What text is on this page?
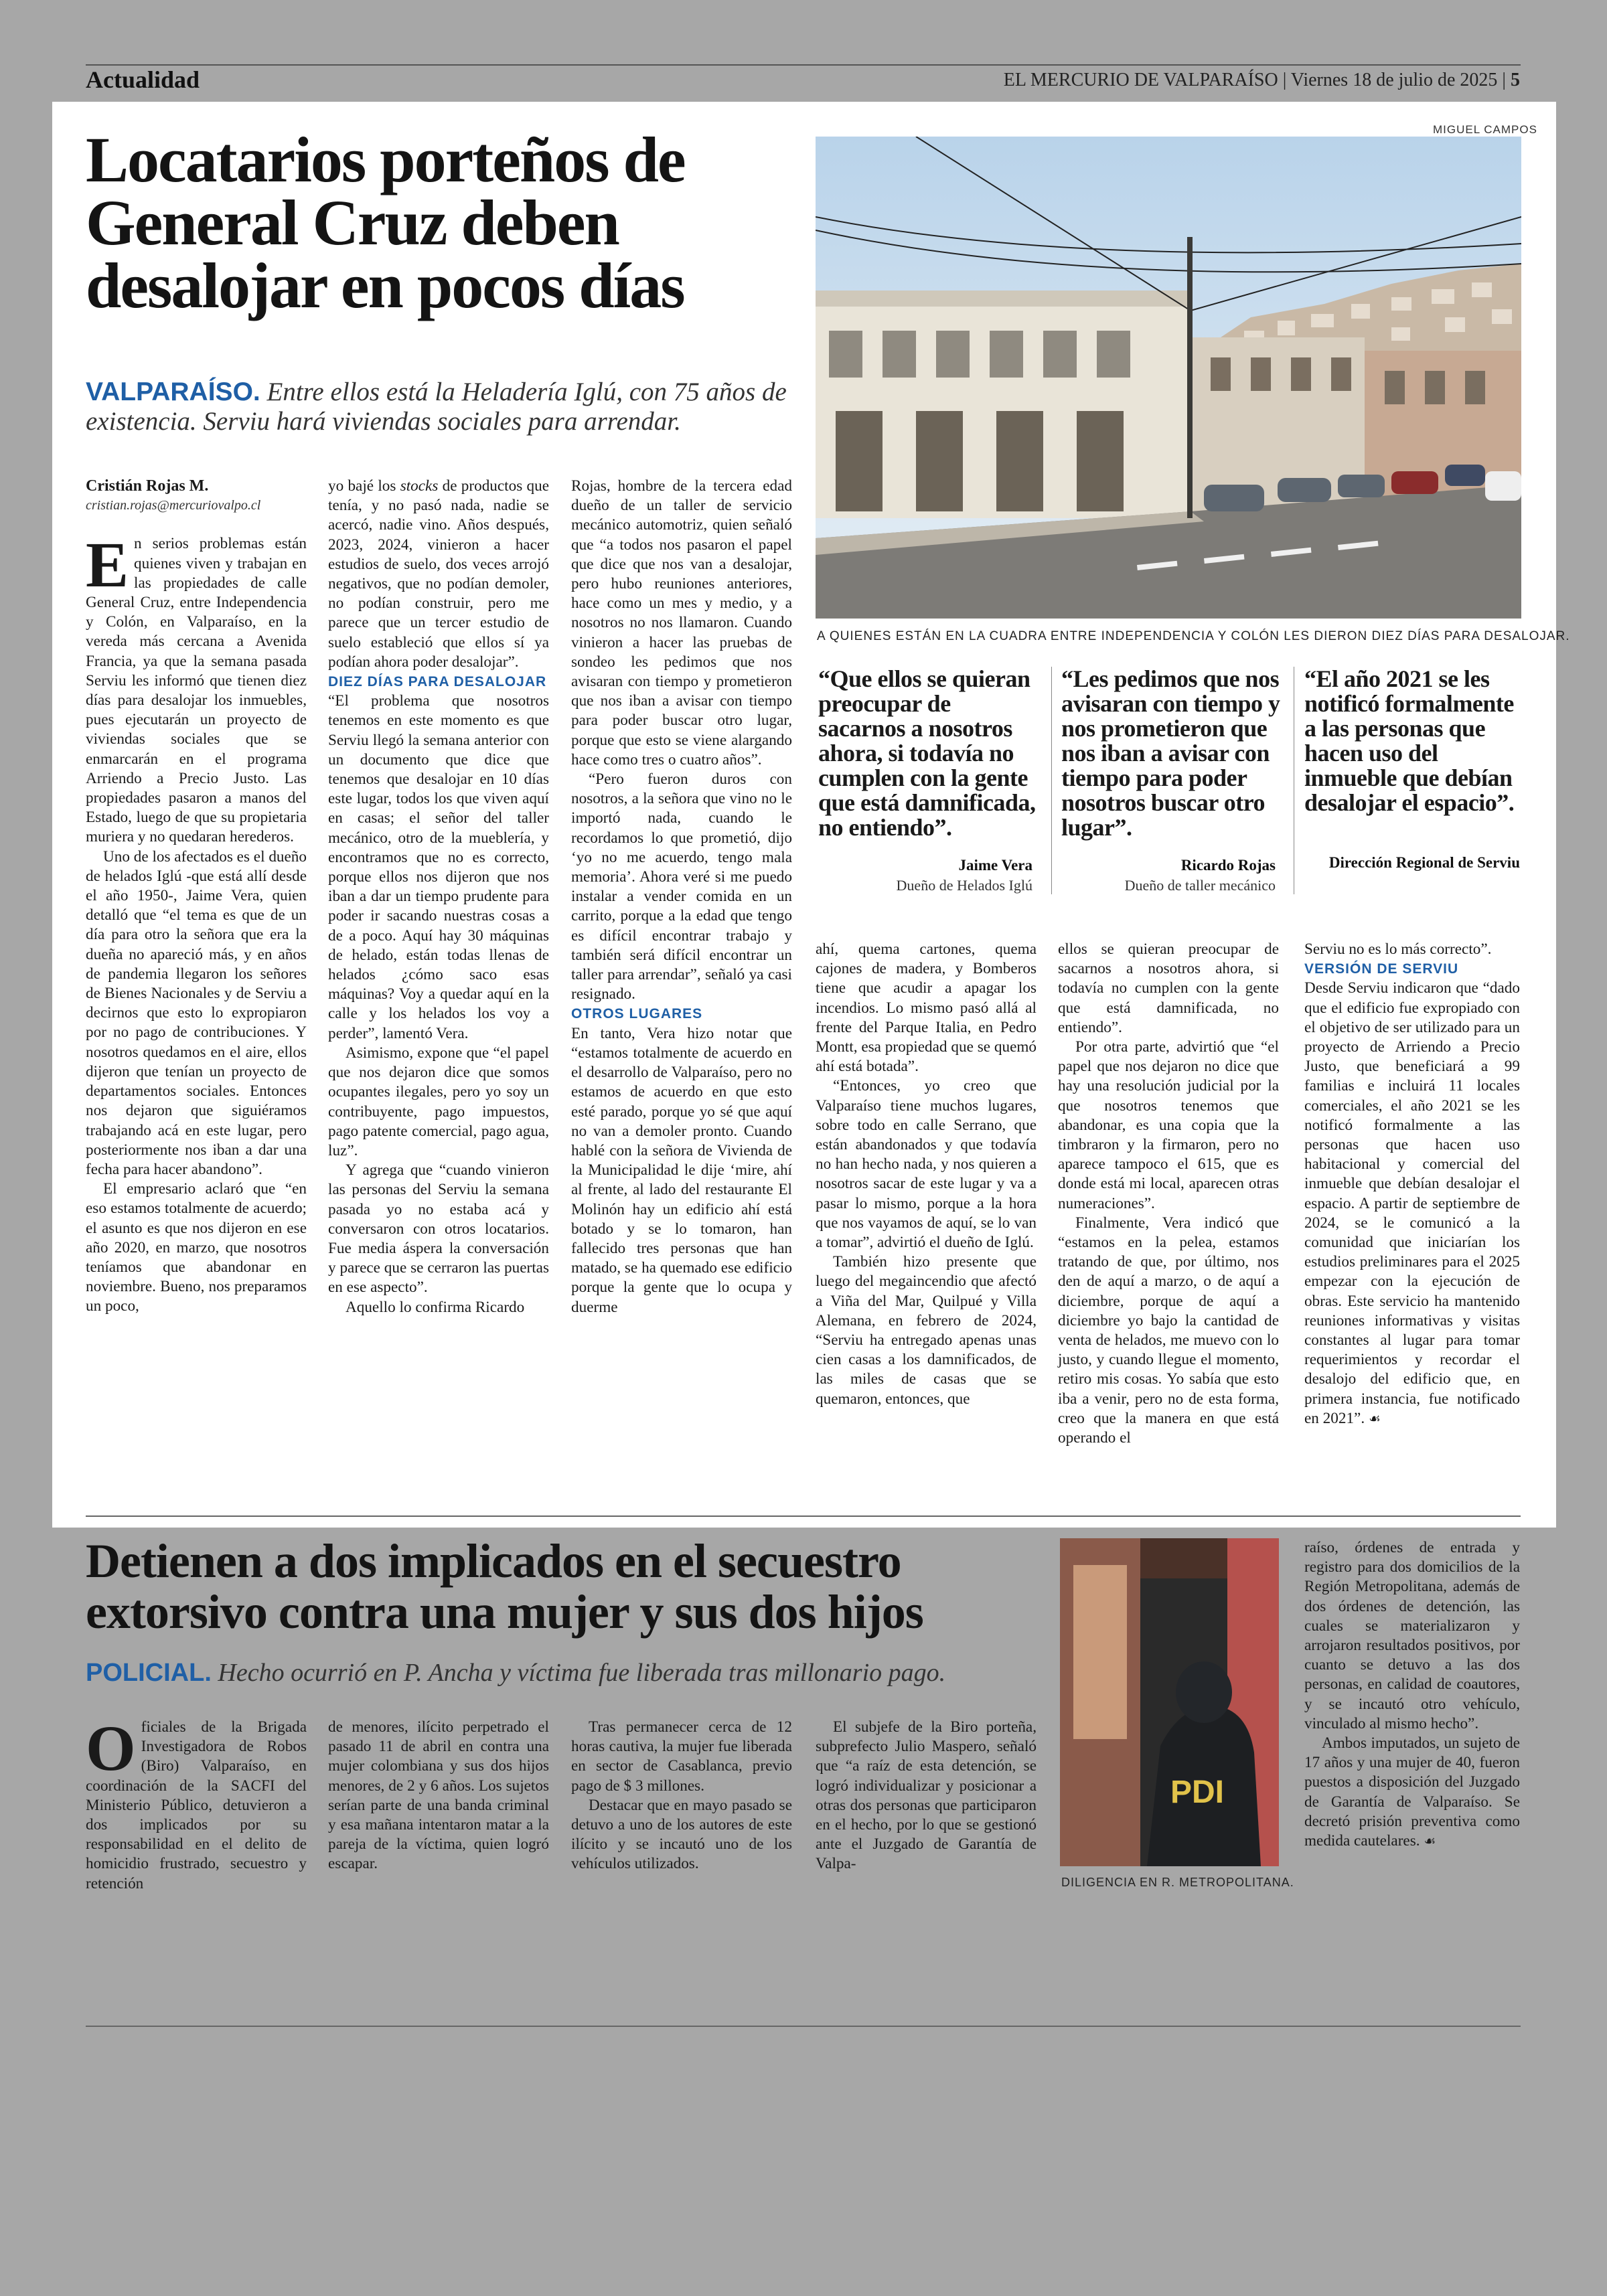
Actualidad	EL MERCURIO DE VALPARAÍSO | Viernes 18 de julio de 2025 | 5
Locatarios porteños de General Cruz deben desalojar en pocos días
VALPARAÍSO. Entre ellos está la Heladería Iglú, con 75 años de existencia. Serviu hará viviendas sociales para arrendar.
MIGUEL CAMPOS
A QUIENES ESTÁN EN LA CUADRA ENTRE INDEPENDENCIA Y COLÓN LES DIERON DIEZ DÍAS PARA DESALOJAR.

Cristián Rojas M.

cristian.rojas@mercuriovalpo.cl

En serios problemas están quienes viven y trabajan en las propiedades de calle General Cruz, entre Independencia y Colón, en Valparaíso, en la vereda más cercana a Avenida Francia, ya que la semana pasada Serviu les informó que tienen diez días para desalojar los inmuebles, pues ejecutarán un proyecto de viviendas sociales que se enmarcarán en el programa Arriendo a Precio Justo. Las propiedades pasaron a manos del Estado, luego de que su propietaria muriera y no quedaran herederos.

Uno de los afectados es el dueño de helados Iglú -que está allí desde el año 1950-, Jaime Vera, quien detalló que “el tema es que de un día para otro la señora que era la dueña no apareció más, y en años de pandemia llegaron los señores de Bienes Nacionales y de Serviu a decirnos que esto lo expropiaron por no pago de contribuciones. Y nosotros quedamos en el aire, ellos dijeron que tenían un proyecto de departamentos sociales. Entonces nos dejaron que siguiéramos trabajando acá en este lugar, pero posteriormente nos iban a dar una fecha para hacer abandono”.

El empresario aclaró que “en eso estamos totalmente de acuerdo; el asunto es que nos dijeron en ese año 2020, en marzo, que nosotros teníamos que abandonar en noviembre. Bueno, nos preparamos un poco,

yo bajé los stocks de productos que tenía, y no pasó nada, nadie se acercó, nadie vino. Años después, 2023, 2024, vinieron a hacer estudios de suelo, dos veces arrojó negativos, que no podían demoler, no podían construir, pero me parece que un tercer estudio de suelo estableció que ellos sí ya podían ahora poder desalojar”.

DIEZ DÍAS PARA DESALOJAR

“El problema que nosotros tenemos en este momento es que Serviu llegó la semana anterior con un documento que dice que tenemos que desalojar en 10 días este lugar, todos los que viven aquí en casas; el señor del taller mecánico, otro de la mueblería, y encontramos que no es correcto, porque ellos nos dijeron que nos iban a dar un tiempo prudente para poder ir sacando nuestras cosas a de a poco. Aquí hay 30 máquinas de helado, están todas llenas de helados ¿cómo saco esas máquinas? Voy a quedar aquí en la calle y los helados los voy a perder”, lamentó Vera.

Asimismo, expone que “el papel que nos dejaron dice que somos ocupantes ilegales, pero yo soy un contribuyente, pago impuestos, pago patente comercial, pago agua, luz”.

Y agrega que “cuando vinieron las personas del Serviu la semana pasada yo no estaba acá y conversaron con otros locatarios. Fue media áspera la conversación y parece que se cerraron las puertas en ese aspecto”.

Aquello lo confirma Ricardo

Rojas, hombre de la tercera edad dueño de un taller de servicio mecánico automotriz, quien señaló que “a todos nos pasaron el papel que dice que nos van a desalojar, pero hubo reuniones anteriores, hace como un mes y medio, y a nosotros no nos llamaron. Cuando vinieron a hacer las pruebas de sondeo les pedimos que nos avisaran con tiempo y prometieron que nos iban a avisar con tiempo para poder buscar otro lugar, porque que esto se viene alargando hace como tres o cuatro años”.

“Pero fueron duros con nosotros, a la señora que vino no le importó nada, cuando le recordamos lo que prometió, dijo ‘yo no me acuerdo, tengo mala memoria’. Ahora veré si me puedo instalar a vender comida en un carrito, porque a la edad que tengo es difícil encontrar trabajo y también será difícil encontrar un taller para arrendar”, señaló ya casi resignado.

OTROS LUGARES

En tanto, Vera hizo notar que “estamos totalmente de acuerdo en el desarrollo de Valparaíso, pero no estamos de acuerdo en que esto esté parado, porque yo sé que aquí no van a demoler pronto. Cuando hablé con la señora de Vivienda de la Municipalidad le dije ‘mire, ahí al frente, al lado del restaurante El Molinón hay un edificio ahí está botado y se lo tomaron, han fallecido tres personas que han matado, se ha quemado ese edificio porque la gente que lo ocupa y duerme

“Que ellos se quieran preocupar de sacarnos a nosotros ahora, si todavía no cumplen con la gente que está damnificada, no entiendo”.
Jaime Vera
Dueño de Helados Iglú
“Les pedimos que nos avisaran con tiempo y nos prometieron que nos iban a avisar con tiempo para poder nosotros buscar otro lugar”.
Ricardo Rojas
Dueño de taller mecánico
“El año 2021 se les notificó formalmente a las personas que hacen uso del inmueble que debían desalojar el espacio”.
Dirección Regional de Serviu

ahí, quema cartones, quema cajones de madera, y Bomberos tiene que acudir a apagar los incendios. Lo mismo pasó allá al frente del Parque Italia, en Pedro Montt, esa propiedad que se quemó ahí está botada”.

“Entonces, yo creo que Valparaíso tiene muchos lugares, sobre todo en calle Serrano, que están abandonados y que todavía no han hecho nada, y nos quieren a nosotros sacar de este lugar y va a pasar lo mismo, porque a la hora que nos vayamos de aquí, se lo van a tomar”, advirtió el dueño de Iglú.

También hizo presente que luego del megaincendio que afectó a Viña del Mar, Quilpué y Villa Alemana, en febrero de 2024, “Serviu ha entregado apenas unas cien casas a los damnificados, de las miles de casas que se quemaron, entonces, que

ellos se quieran preocupar de sacarnos a nosotros ahora, si todavía no cumplen con la gente que está damnificada, no entiendo”.

Por otra parte, advirtió que “el papel que nos dejaron no dice que hay una resolución judicial por la que nosotros tenemos que abandonar, es una copia que la timbraron y la firmaron, pero no aparece tampoco el 615, que es donde está mi local, aparecen otras numeraciones”.

Finalmente, Vera indicó que “estamos en la pelea, estamos tratando de que, por último, nos den de aquí a marzo, o de aquí a diciembre, porque de aquí a diciembre yo bajo la cantidad de venta de helados, me muevo con lo justo, y cuando llegue el momento, retiro mis cosas. Yo sabía que esto iba a venir, pero no de esta forma, creo que la manera en que está operando el

Serviu no es lo más correcto”.

VERSIÓN DE SERVIU

Desde Serviu indicaron que “dado que el edificio fue expropiado con el objetivo de ser utilizado para un proyecto de Arriendo a Precio Justo, que beneficiará a 99 familias e incluirá 11 locales comerciales, el año 2021 se les notificó formalmente a las personas que hacen uso habitacional y comercial del inmueble que debían desalojar el espacio. A partir de septiembre de 2024, se le comunicó a la comunidad que iniciarían los estudios preliminares para el 2025 empezar con la ejecución de obras. Este servicio ha mantenido reuniones informativas y visitas constantes al lugar para tomar requerimientos y recordar el desalojo del edificio que, en primera instancia, fue notificado en 2021”. ☙

Detienen a dos implicados en el secuestro extorsivo contra una mujer y sus dos hijos
POLICIAL. Hecho ocurrió en P. Ancha y víctima fue liberada tras millonario pago.
PDI
DILIGENCIA EN R. METROPOLITANA.

Oficiales de la Brigada Investigadora de Robos (Biro) Valparaíso, en coordinación de la SACFI del Ministerio Público, detuvieron a dos implicados por su responsabilidad en el delito de homicidio frustrado, secuestro y retención

de menores, ilícito perpetrado el pasado 11 de abril en contra una mujer colombiana y sus dos hijos menores, de 2 y 6 años. Los sujetos serían parte de una banda criminal y esa mañana intentaron matar a la pareja de la víctima, quien logró escapar.

Tras permanecer cerca de 12 horas cautiva, la mujer fue liberada en sector de Casablanca, previo pago de $ 3 millones.

Destacar que en mayo pasado se detuvo a uno de los autores de este ilícito y se incautó uno de los vehículos utilizados.

El subjefe de la Biro porteña, subprefecto Julio Maspero, señaló que “a raíz de esta detención, se logró individualizar y posicionar a otras dos personas que participaron en el hecho, por lo que se gestionó ante el Juzgado de Garantía de Valpa-

raíso, órdenes de entrada y registro para dos domicilios de la Región Metropolitana, además de dos órdenes de detención, las cuales se materializaron y arrojaron resultados positivos, por cuanto se detuvo a las dos personas, en calidad de coautores, y se incautó otro vehículo, vinculado al mismo hecho”.

Ambos imputados, un sujeto de 17 años y una mujer de 40, fueron puestos a disposición del Juzgado de Garantía de Valparaíso. Se decretó prisión preventiva como medida cautelares. ☙
